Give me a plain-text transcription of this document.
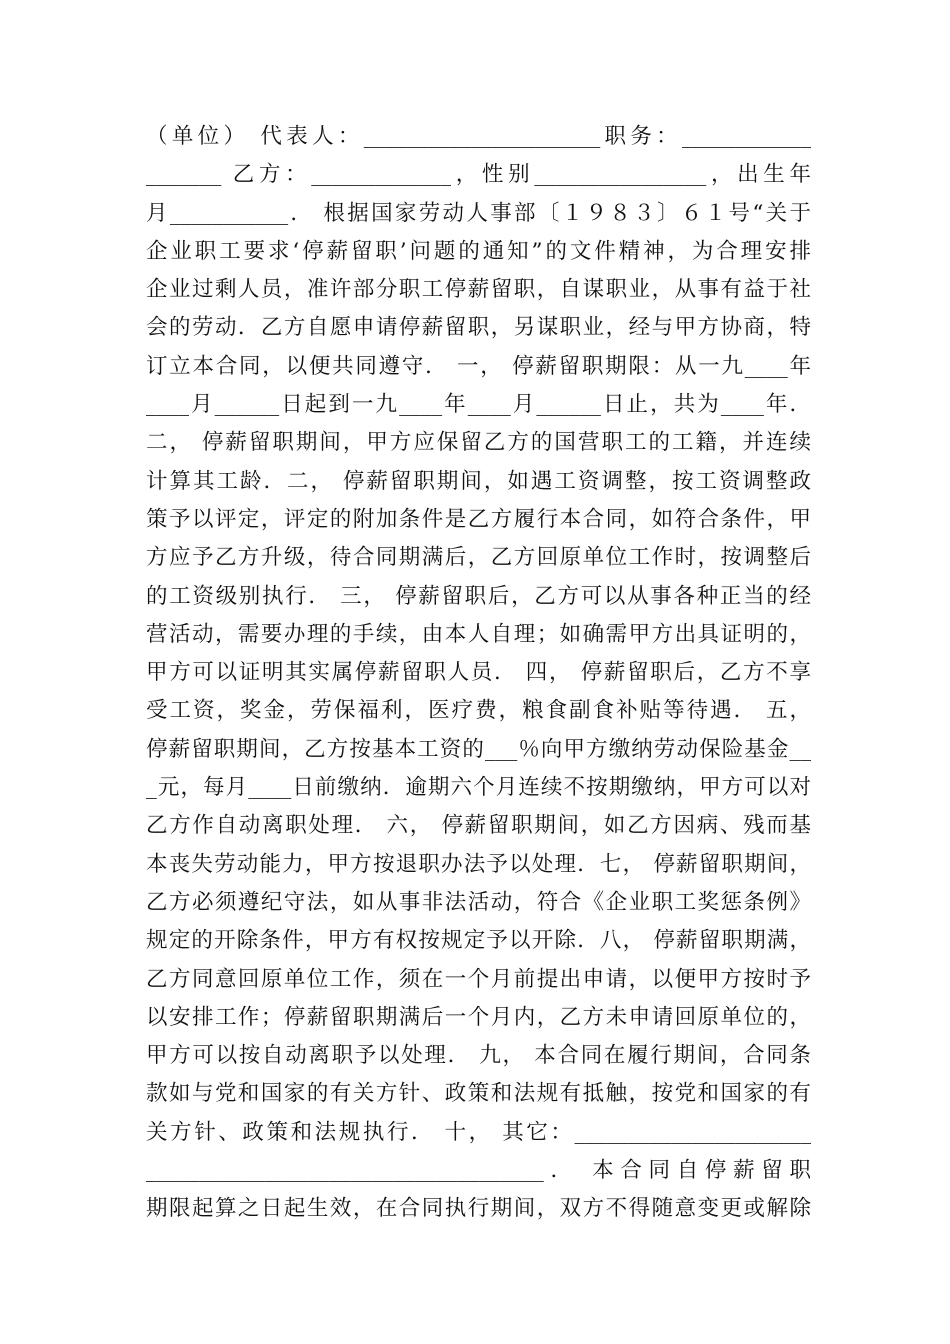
（单位） 代表人：______________________职务：____________
_______ 乙方：_____________，性别________________，出生年
月___________． 根据国家劳动人事部〔１９８３〕６１号“关于
企业职工要求‘停薪留职’问题的通知”的文件精神，为合理安排
企业过剩人员，准许部分职工停薪留职，自谋职业，从事有益于社
会的劳动．乙方自愿申请停薪留职，另谋职业，经与甲方协商，特
订立本合同，以便共同遵守． 一， 停薪留职期限：从一九____年
____月______日起到一九____年____月______日止，共为____年．
二， 停薪留职期间，甲方应保留乙方的国营职工的工籍，并连续
计算其工龄．二， 停薪留职期间，如遇工资调整，按工资调整政
策予以评定，评定的附加条件是乙方履行本合同，如符合条件，甲
方应予乙方升级，待合同期满后，乙方回原单位工作时，按调整后
的工资级别执行． 三， 停薪留职后，乙方可以从事各种正当的经
营活动，需要办理的手续，由本人自理；如确需甲方出具证明的，
甲方可以证明其实属停薪留职人员． 四， 停薪留职后，乙方不享
受工资，奖金，劳保福利，医疗费，粮食副食补贴等待遇． 五，
停薪留职期间，乙方按基本工资的___％向甲方缴纳劳动保险基金__
_元，每月____日前缴纳．逾期六个月连续不按期缴纳，甲方可以对
乙方作自动离职处理． 六， 停薪留职期间，如乙方因病、残而基
本丧失劳动能力，甲方按退职办法予以处理．七， 停薪留职期间，
乙方必须遵纪守法，如从事非法活动，符合《企业职工奖惩条例》
规定的开除条件，甲方有权按规定予以开除．八， 停薪留职期满，
乙方同意回原单位工作，须在一个月前提出申请，以便甲方按时予
以安排工作；停薪留职期满后一个月内，乙方未申请回原单位的，
甲方可以按自动离职予以处理． 九， 本合同在履行期间，合同条
款如与党和国家的有关方针、政策和法规有抵触，按党和国家的有
关方针、政策和法规执行． 十， 其它：______________________
_____________________________________． 本合同自停薪留职
期限起算之日起生效，在合同执行期间，双方不得随意变更或解除
